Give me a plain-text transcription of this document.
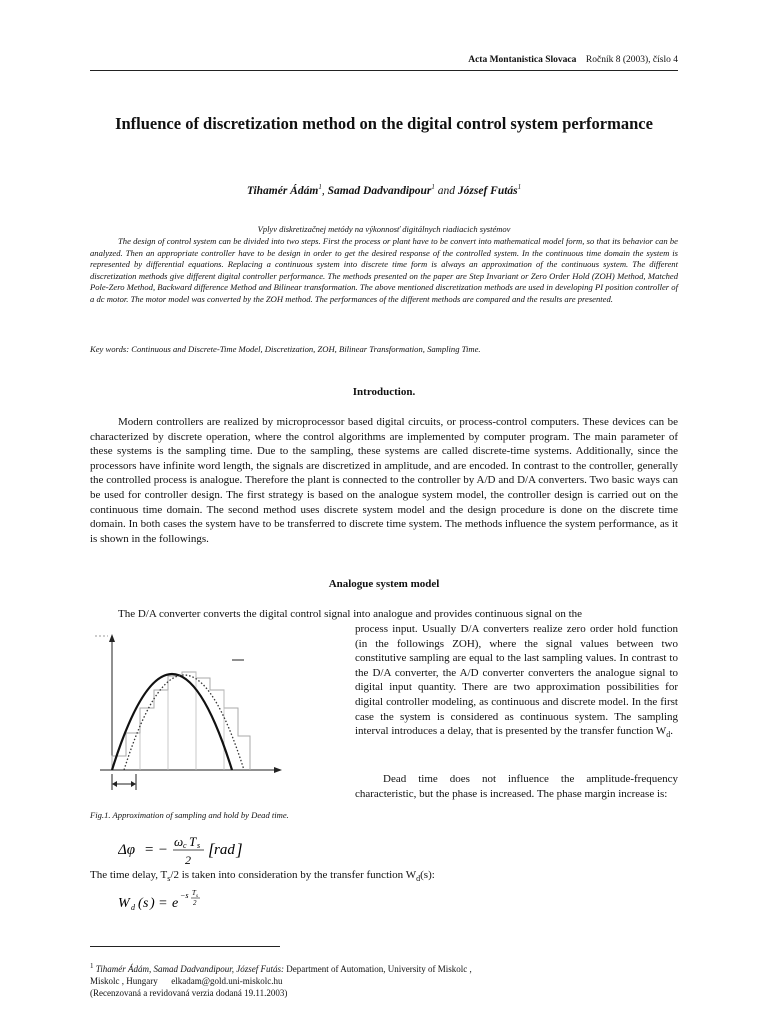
Acta Montanistica Slovaca Ročník 8 (2003), číslo 4
Influence of discretization method on the digital control system performance
Tihamér Ádám$^1$, Samad Dadvandipour$^1$ and József Futás$^1$
Vplyv diskretizačnej metódy na výkonnosť digitálnych riadiacich systémov
The design of control system can be divided into two steps. First the process or plant have to be convert into mathematical model form, so that its behavior can be analyzed. Then an appropriate controller have to be design in order to get the desired response of the controlled system. In the continuous time domain the system is represented by differential equations. Replacing a continuous system into discrete time form is always an approximation of the continuous system. The different discretization methods give different digital controller performance. The methods presented on the paper are Step Invariant or Zero Order Hold (ZOH) Method, Matched Pole-Zero Method, Backward difference Method and Bilinear transformation. The above mentioned discretization methods are used in developing PI position controller of a dc motor. The motor model was converted by the ZOH method. The performances of the different methods are compared and the results are presented.
Key words: Continuous and Discrete-Time Model, Discretization, ZOH, Bilinear Transformation, Sampling Time.
Introduction.
Modern controllers are realized by microprocessor based digital circuits, or process-control computers. These devices can be characterized by discrete operation, where the control algorithms are implemented by computer program. The main parameter of these systems is the sampling time. Due to the sampling, these systems are called discrete-time systems. Additionally, since the processors have infinite word length, the signals are discretized in amplitude, and are encoded. In contrast to the controller, generally the controlled process is analogue. Therefore the plant is connected to the controller by A/D and D/A converters. Two basic ways can be used for controller design. The first strategy is based on the analogue system model, the controller design is carried out on the continuous time domain. The second method uses discrete system model and the design procedure is done on the discrete time domain. In both cases the system have to be transferred to discrete time system. The methods influence the system performance, as it is shown in the followings.
Analogue system model
The D/A converter converts the digital control signal into analogue and provides continuous signal on the
process input. Usually D/A converters realize zero order hold function (in the followings ZOH), where the signal values between two constitutive sampling are equal to the last sampling values. In contrast to the D/A converter, the A/D converter converters the analogue signal to digital input quantity. There are two approximation possibilities for digital controller modeling, as continuous and discrete model. In the first case the system is considered as continuous system. The sampling interval introduces a delay, that is presented by the transfer function $W_d$.
Dead time does not influence the amplitude-frequency characteristic, but the phase is increased. The phase margin increase is:
Fig.1. Approximation of sampling and hold by Dead time.
Δφ = −
ω c T s
2
[ rad ]
The time delay, $T_s/2$ is taken into consideration by the transfer function $W_d(s)$:
W d ( s ) = e
−s T s
2
$^1$ Tihamér Ádám, Samad Dadvandipour, József Futás: Department of Automation, University of Miskolc ,
Miskolc , Hungary      elkadam@gold.uni-miskolc.hu
(Recenzovaná a revidovaná verzia dodaná 19.11.2003)
